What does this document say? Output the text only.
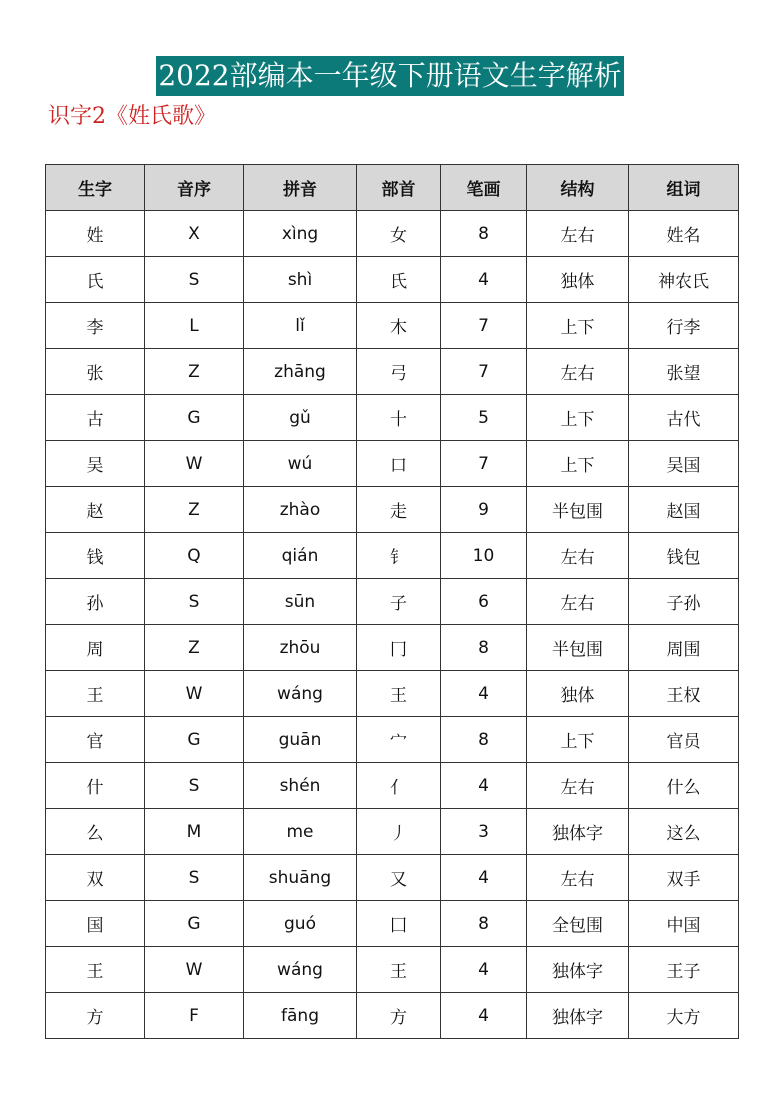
2022部编本一年级下册语文生字解析
识字2《姓氏歌》
生字	音序	拼音	部首	笔画	结构	组词
姓	X	xìng	女	8	左右	姓名
氏	S	shì	氏	4	独体	神农氏
李	L	lǐ	木	7	上下	行李
张	Z	zhāng	弓	7	左右	张望
古	G	gǔ	十	5	上下	古代
吴	W	wú	口	7	上下	吴国
赵	Z	zhào	走	9	半包围	赵国
钱	Q	qián	钅	10	左右	钱包
孙	S	sūn	子	6	左右	子孙
周	Z	zhōu	冂	8	半包围	周围
王	W	wáng	王	4	独体	王权
官	G	guān	宀	8	上下	官员
什	S	shén	亻	4	左右	什么
么	M	me	丿	3	独体字	这么
双	S	shuāng	又	4	左右	双手
国	G	guó	囗	8	全包围	中国
王	W	wáng	王	4	独体字	王子
方	F	fāng	方	4	独体字	大方
